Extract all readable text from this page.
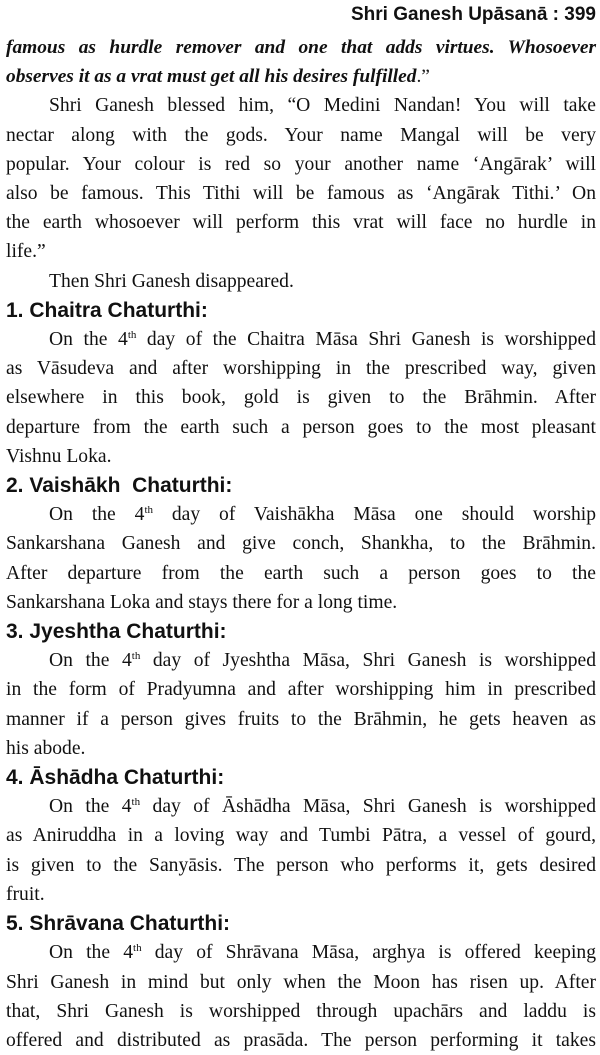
Shri Ganesh Upāsanā : 399
famous as hurdle remover and one that adds virtues. Whosoever
observes it as a vrat must get all his desires fulfilled.”
Shri Ganesh blessed him, “O Medini Nandan! You will take
nectar along with the gods. Your name Mangal will be very
popular. Your colour is red so your another name ‘Angārak’ will
also be famous. This Tithi will be famous as ‘Angārak Tithi.’ On
the earth whosoever will perform this vrat will face no hurdle in
life.”
Then Shri Ganesh disappeared.
1. Chaitra Chaturthi:
On the 4th day of the Chaitra Māsa Shri Ganesh is worshipped
as Vāsudeva and after worshipping in the prescribed way, given
elsewhere in this book, gold is given to the Brāhmin. After
departure from the earth such a person goes to the most pleasant
Vishnu Loka.
2. Vaishākh  Chaturthi:
On the 4th day of Vaishākha Māsa one should worship
Sankarshana Ganesh and give conch, Shankha, to the Brāhmin.
After departure from the earth such a person goes to the
Sankarshana Loka and stays there for a long time.
3. Jyeshtha Chaturthi:
On the 4th day of Jyeshtha Māsa, Shri Ganesh is worshipped
in the form of Pradyumna and after worshipping him in prescribed
manner if a person gives fruits to the Brāhmin, he gets heaven as
his abode.
4. Āshādha Chaturthi:
On the 4th day of Āshādha Māsa, Shri Ganesh is worshipped
as Aniruddha in a loving way and Tumbi Pātra, a vessel of gourd,
is given to the Sanyāsis. The person who performs it, gets desired
fruit.
5. Shrāvana Chaturthi:
On the 4th day of Shrāvana Māsa, arghya is offered keeping
Shri Ganesh in mind but only when the Moon has risen up. After
that, Shri Ganesh is worshipped through upachārs and laddu is
offered and distributed as prasāda. The person performing it takes
